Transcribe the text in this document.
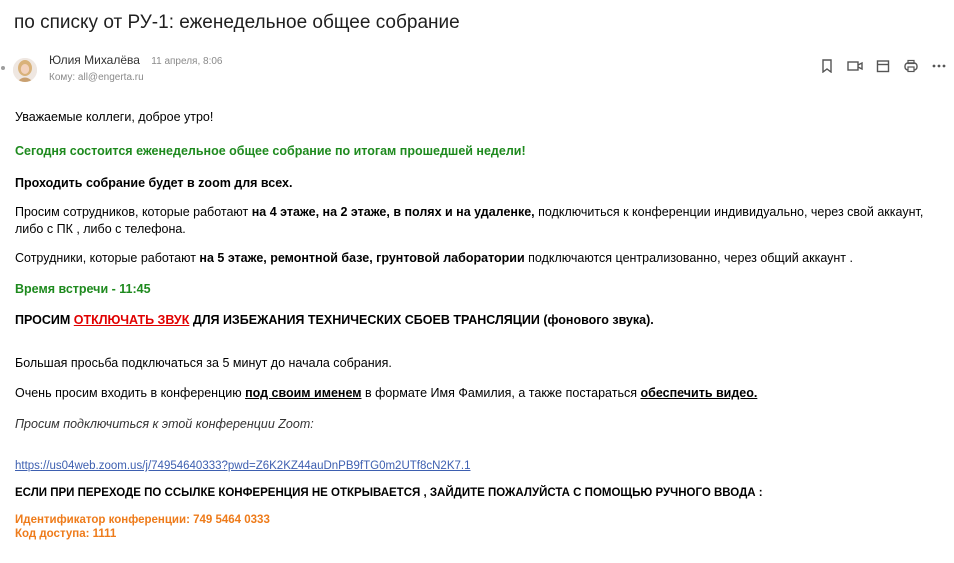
по списку от РУ-1: еженедельное общее собрание
Юлия Михалёва 11 апреля, 8:06
Кому: all@engerta.ru
Уважаемые коллеги, доброе утро!
Сегодня состоится еженедельное общее собрание по итогам прошедшей недели!
Проходить собрание будет в zoom для всех.
Просим сотрудников, которые работают на 4 этаже, на 2 этаже, в полях и на удаленке, подключиться к конференции индивидуально, через свой аккаунт, либо с ПК , либо с телефона.
Сотрудники, которые работают на 5 этаже, ремонтной базе, грунтовой лаборатории подключаются централизованно, через общий аккаунт .
Время встречи - 11:45
ПРОСИМ ОТКЛЮЧАТЬ ЗВУК ДЛЯ ИЗБЕЖАНИЯ ТЕХНИЧЕСКИХ СБОЕВ ТРАНСЛЯЦИИ (фонового звука).
Большая просьба подключаться за 5 минут до начала собрания.
Очень просим входить в конференцию под своим именем в формате Имя Фамилия, а также постараться обеспечить видео.
Просим подключиться к этой конференции Zoom:
https://us04web.zoom.us/j/74954640333?pwd=Z6K2KZ44auDnPB9fTG0m2UTf8cN2K7.1
ЕСЛИ ПРИ ПЕРЕХОДЕ ПО ССЫЛКЕ КОНФЕРЕНЦИЯ НЕ ОТКРЫВАЕТСЯ , ЗАЙДИТЕ ПОЖАЛУЙСТА С ПОМОЩЬЮ РУЧНОГО ВВОДА :
Идентификатор конференции: 749 5464 0333
Код доступа: 1111
